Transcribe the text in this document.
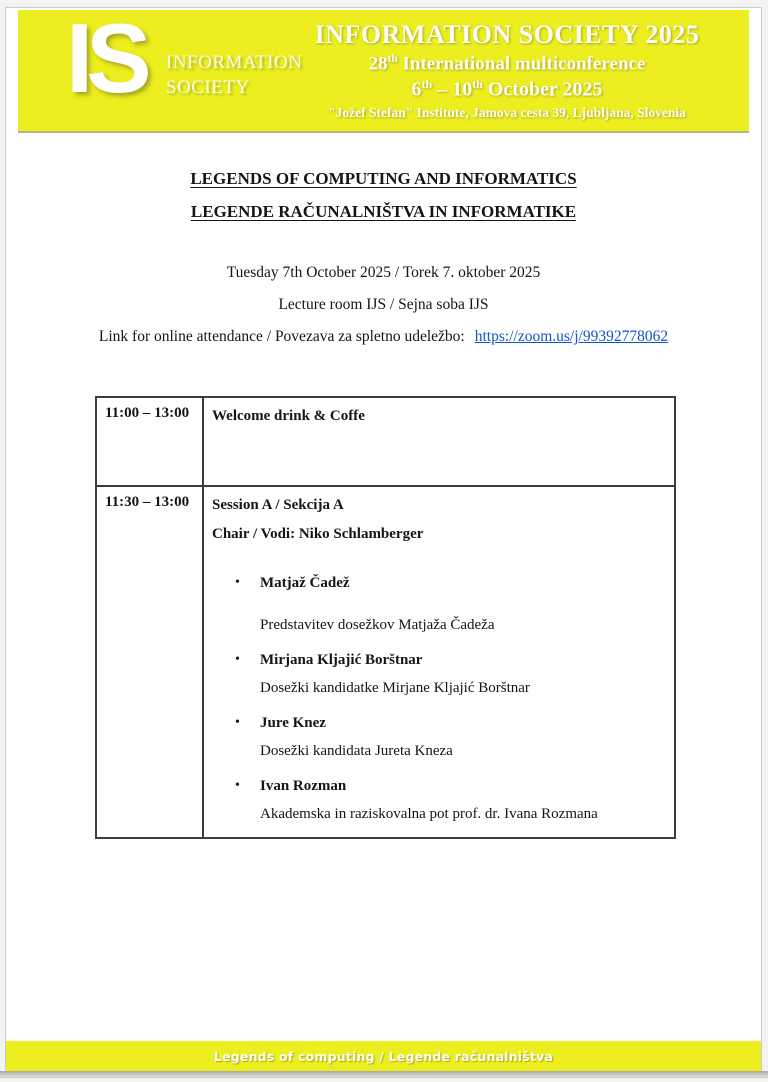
IS INFORMATION
SOCIETY
INFORMATION SOCIETY 2025
28th International multiconference
6th – 10th October 2025
"Jožef Stefan" Institute, Jamova cesta 39, Ljubljana, Slovenia
LEGENDS OF COMPUTING AND INFORMATICS
LEGENDE RAČUNALNIŠTVA IN INFORMATIKE
Tuesday 7th October 2025 / Torek 7. oktober 2025
Lecture room IJS / Sejna soba IJS
Link for online attendance / Povezava za spletno udeležbo: https://zoom.us/j/99392778062
11:00 – 13:00	Welcome drink & Coffe

11:30 – 13:00	Session A / Sekcija A
Chair / Vodi: Niko Schlamberger
•	Matjaž Čadež
Predstavitev dosežkov Matjaža Čadeža
•	Mirjana Kljajić Borštnar
Dosežki kandidatke Mirjane Kljajić Borštnar
•	Jure Knez
Dosežki kandidata Jureta Kneza
•	Ivan Rozman
Akademska in raziskovalna pot prof. dr. Ivana Rozmana
Legends of computing / Legende računalništva
